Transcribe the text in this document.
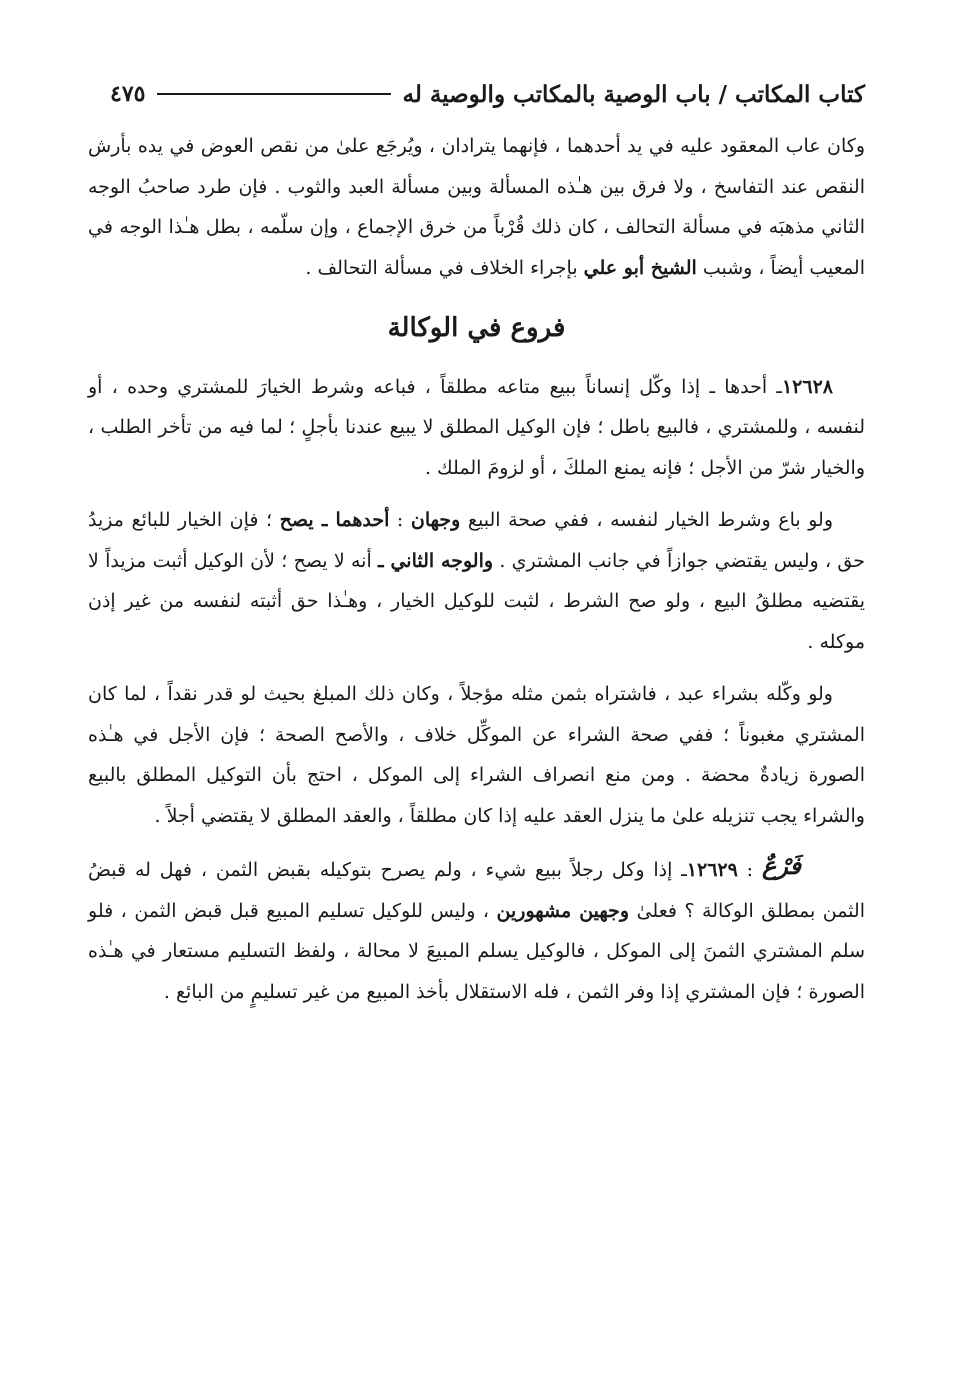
كتاب المكاتب / باب الوصية بالمكاتب والوصية له
٤٧٥

وكان عاب المعقود عليه في يد أحدهما ، فإنهما يترادان ، ويُرجَع علىٰ من نقص العوض في يده بأرش النقص عند التفاسخ ، ولا فرق بين هـٰذه المسألة وبين مسألة العبد والثوب . فإن طرد صاحبُ الوجه الثاني مذهبَه في مسألة التحالف ، كان ذلك قُرْباً من خرق الإجماع ، وإن سلّمه ، بطل هـٰذا الوجه في المعيب أيضاً ، وشبب الشيخ أبو علي بإجراء الخلاف في مسألة التحالف .

فروع في الوكالة

١٢٦٢٨ـ أحدها ـ إذا وكّل إنساناً ببيع متاعه مطلقاً ، فباعه وشرط الخيارَ للمشتري وحده ، أو لنفسه ، وللمشتري ، فالبيع باطل ؛ فإن الوكيل المطلق لا يبيع عندنا بأجلٍ ؛ لما فيه من تأخر الطلب ، والخيار شرّ من الأجل ؛ فإنه يمنع الملكَ ، أو لزومَ الملك .

ولو باع وشرط الخيار لنفسه ، ففي صحة البيع وجهان : أحدهما ـ يصح ؛ فإن الخيار للبائع مزيدُ حق ، وليس يقتضي جوازاً في جانب المشتري . والوجه الثاني ـ أنه لا يصح ؛ لأن الوكيل أثبت مزيداً لا يقتضيه مطلقُ البيع ، ولو صح الشرط ، لثبت للوكيل الخيار ، وهـٰذا حق أثبته لنفسه من غير إذن موكله .

ولو وكّله بشراء عبد ، فاشتراه بثمن مثله مؤجلاً ، وكان ذلك المبلغ بحيث لو قدر نقداً ، لما كان المشتري مغبوناً ؛ ففي صحة الشراء عن الموكِّل خلاف ، والأصح الصحة ؛ فإن الأجل في هـٰذه الصورة زيادةٌ محضة . ومن منع انصراف الشراء إلى الموكل ، احتج بأن التوكيل المطلق بالبيع والشراء يجب تنزيله علىٰ ما ينزل العقد عليه إذا كان مطلقاً ، والعقد المطلق لا يقتضي أجلاً .

فَرْعٌ : ١٢٦٢٩ـ إذا وكل رجلاً ببيع شيء ، ولم يصرح بتوكيله بقبض الثمن ، فهل له قبضُ الثمن بمطلق الوكالة ؟ فعلىٰ وجهين مشهورين ، وليس للوكيل تسليم المبيع قبل قبض الثمن ، فلو سلم المشتري الثمنَ إلى الموكل ، فالوكيل يسلم المبيعَ لا محالة ، ولفظ التسليم مستعار في هـٰذه الصورة ؛ فإن المشتري إذا وفر الثمن ، فله الاستقلال بأخذ المبيع من غير تسليمٍ من البائع .
